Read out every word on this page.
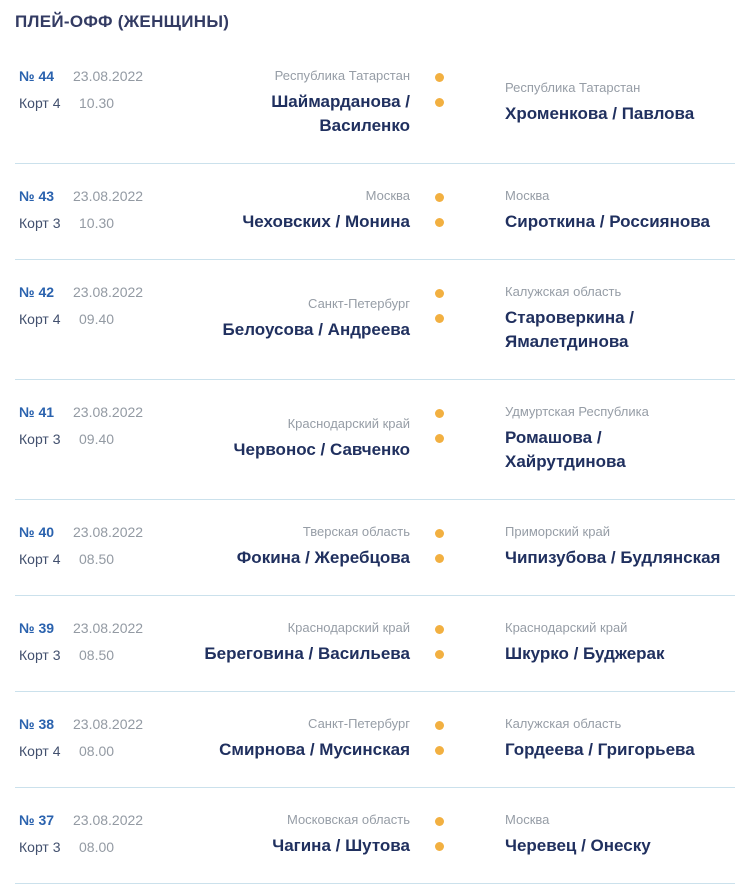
ПЛЕЙ-ОФФ (ЖЕНЩИНЫ)
№ 44	23.08.2022
Корт 4	10.30
Республика Татарстан
Шаймарданова / Василенко
Республика Татарстан
Хроменкова / Павлова
№ 43	23.08.2022
Корт 3	10.30
Москва
Чеховских / Монина
Москва
Сироткина / Россиянова
№ 42	23.08.2022
Корт 4	09.40
Санкт-Петербург
Белоусова / Андреева
Калужская область
Староверкина / Ямалетдинова
№ 41	23.08.2022
Корт 3	09.40
Краснодарский край
Червонос / Савченко
Удмуртская Республика
Ромашова / Хайрутдинова
№ 40	23.08.2022
Корт 4	08.50
Тверская область
Фокина / Жеребцова
Приморский край
Чипизубова / Будлянская
№ 39	23.08.2022
Корт 3	08.50
Краснодарский край
Береговина / Васильева
Краснодарский край
Шкурко / Буджерак
№ 38	23.08.2022
Корт 4	08.00
Санкт-Петербург
Смирнова / Мусинская
Калужская область
Гордеева / Григорьева
№ 37	23.08.2022
Корт 3	08.00
Московская область
Чагина / Шутова
Москва
Черевец / Онеску
